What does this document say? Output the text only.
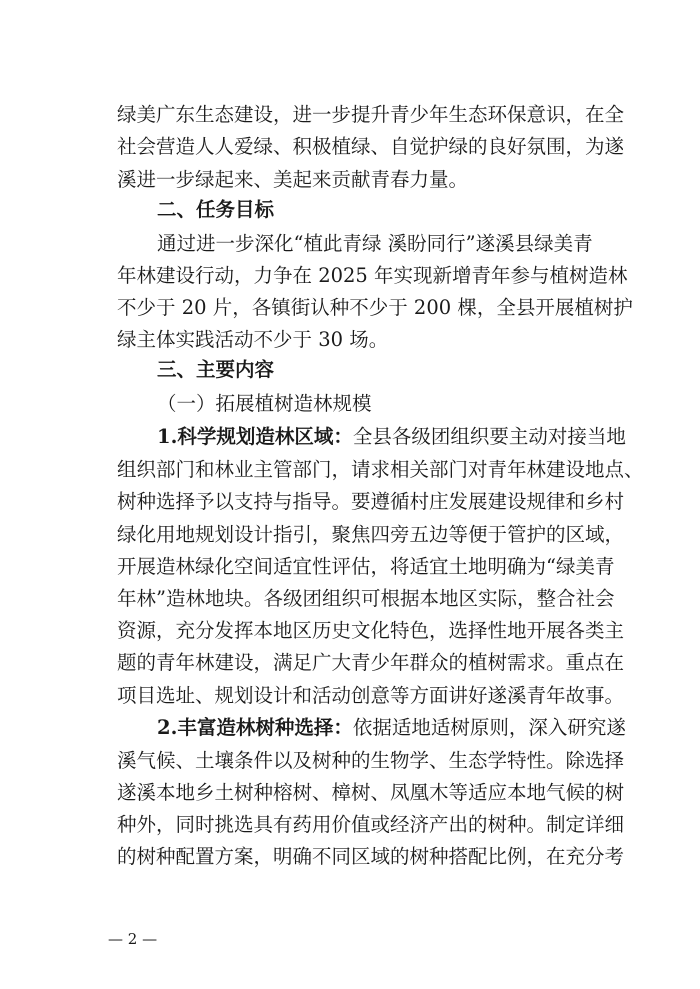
绿美广东生态建设，进一步提升青少年生态环保意识，在全
社会营造人人爱绿、积极植绿、自觉护绿的良好氛围，为遂
溪进一步绿起来、美起来贡献青春力量。
二、任务目标
通过进一步深化“植此青绿 溪盼同行”遂溪县绿美青
年林建设行动，力争在 2025 年实现新增青年参与植树造林
不少于 20 片，各镇街认种不少于 200 棵，全县开展植树护
绿主体实践活动不少于 30 场。
三、主要内容
（一）拓展植树造林规模
1.科学规划造林区域：全县各级团组织要主动对接当地
组织部门和林业主管部门，请求相关部门对青年林建设地点、
树种选择予以支持与指导。要遵循村庄发展建设规律和乡村
绿化用地规划设计指引，聚焦四旁五边等便于管护的区域，
开展造林绿化空间适宜性评估，将适宜土地明确为“绿美青
年林”造林地块。各级团组织可根据本地区实际，整合社会
资源，充分发挥本地区历史文化特色，选择性地开展各类主
题的青年林建设，满足广大青少年群众的植树需求。重点在
项目选址、规划设计和活动创意等方面讲好遂溪青年故事。
2.丰富造林树种选择：依据适地适树原则，深入研究遂
溪气候、土壤条件以及树种的生物学、生态学特性。除选择
遂溪本地乡土树种榕树、樟树、凤凰木等适应本地气候的树
种外，同时挑选具有药用价值或经济产出的树种。制定详细
的树种配置方案，明确不同区域的树种搭配比例，在充分考
— 2 —
